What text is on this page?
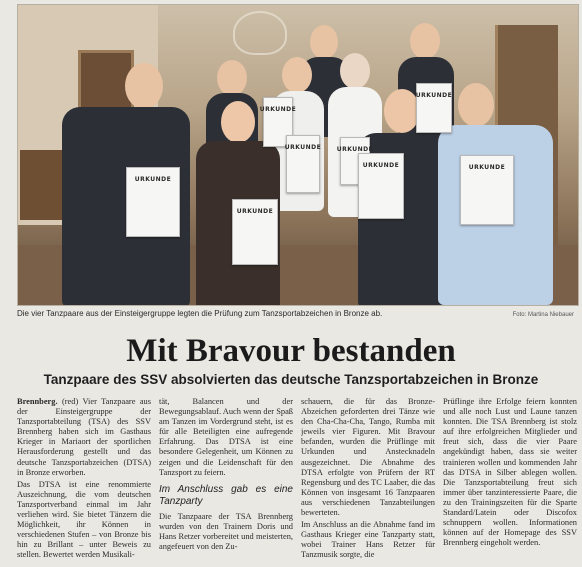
URKUNDE
URKUNDE
URKUNDE
URKUNDE	URKUNDE
URKUNDE
URKUNDE
URKUNDE
Die vier Tanzpaare aus der Einsteigergruppe legten die Prüfung zum Tanzsportabzeichen in Bronze ab.	Foto: Martina Niebauer
Mit Bravour bestanden
Tanzpaare des SSV absolvierten das deutsche Tanzsportabzeichen in Bronze

Brennberg. (red) Vier Tanzpaare aus der Einsteigergruppe der Tanzsportabteilung (TSA) des SSV Brennberg haben sich im Gasthaus Krieger in Mariaort der sportlichen Herausforderung gestellt und das deutsche Tanzsportabzeichen (DTSA) in Bronze erworben.

Das DTSA ist eine renommierte Auszeichnung, die vom deutschen Tanzsportverband einmal im Jahr verliehen wird. Sie bietet Tänzern die Möglichkeit, ihr Können in verschiedenen Stufen – von Bronze bis hin zu Brillant – unter Beweis zu stellen. Bewertet werden Musikali-

tät, Balancen und der Bewegungsablauf. Auch wenn der Spaß am Tanzen im Vordergrund steht, ist es für alle Beteiligten eine aufregende Erfahrung. Das DTSA ist eine besondere Gelegenheit, um Können zu zeigen und die Leidenschaft für den Tanzsport zu feiern.

Im Anschluss gab es eine Tanzparty

Die Tanzpaare der TSA Brennberg wurden von den Trainern Doris und Hans Retzer vorbereitet und meisterten, angefeuert von den Zu-

schauern, die für das Bronze-Abzeichen geforderten drei Tänze wie den Cha-Cha-Cha, Tango, Rumba mit jeweils vier Figuren. Mit Bravour befanden, wurden die Prüflinge mit Urkunden und Anstecknadeln ausgezeichnet. Die Abnahme des DTSA erfolgte von Prüfern der RT Regensburg und des TC Laaber, die das Können von insgesamt 16 Tanzpaaren aus verschiedenen Tanzabteilungen bewerteten.

Im Anschluss an die Abnahme fand im Gasthaus Krieger eine Tanzparty statt, wobei Trainer Hans Retzer für Tanzmusik sorgte, die

Prüflinge ihre Erfolge feiern konnten und alle noch Lust und Laune tanzen konnten. Die TSA Brennberg ist stolz auf ihre erfolgreichen Mitglieder und freut sich, dass die vier Paare angekündigt haben, dass sie weiter trainieren wollen und kommenden Jahr das DTSA in Silber ablegen wollen. Die Tanzsportabteilung freut sich immer über tanzinteressierte Paare, die zu den Trainingszeiten für die Sparte Standard/Latein oder Discofox schnuppern wollen. Informationen können auf der Homepage des SSV Brennberg eingeholt werden.
